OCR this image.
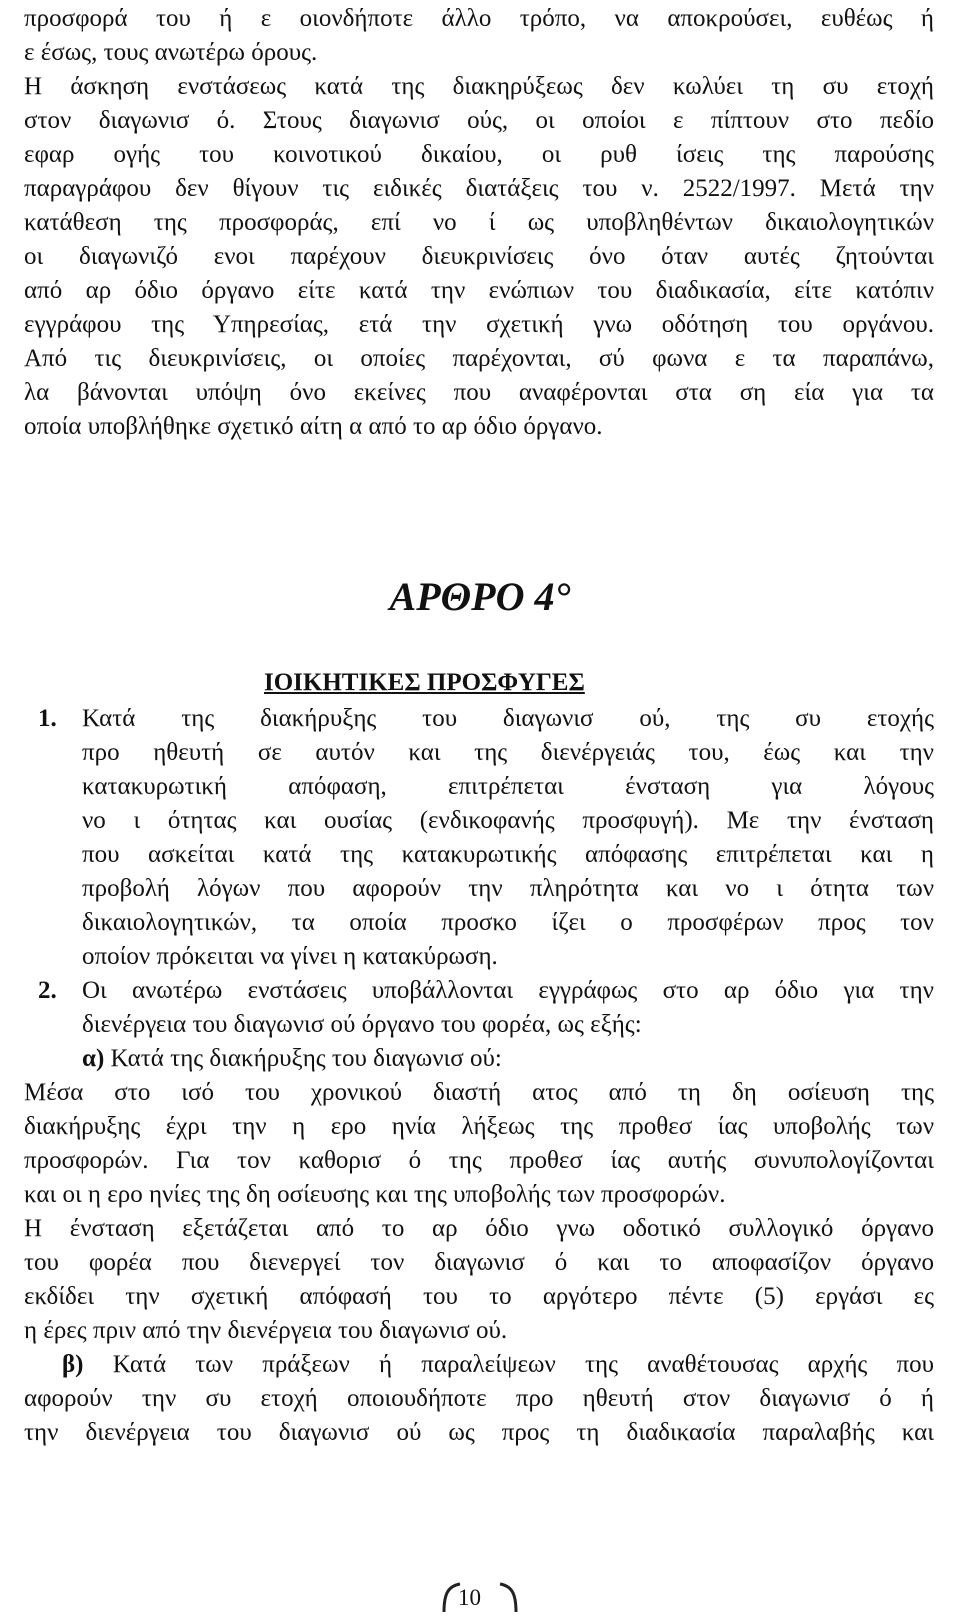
προσφορά του ή ε οιονδήποτε άλλο τρόπο, να αποκρούσει, ευθέως ή
ε έσως, τους ανωτέρω όρους.
Η άσκηση ενστάσεως κατά της διακηρύξεως δεν κωλύει τη συ ετοχή
στον διαγωνισ ό. Στους διαγωνισ ούς, οι οποίοι ε πίπτουν στο πεδίο
εφαρ ογής του κοινοτικού δικαίου, οι ρυθ ίσεις της παρούσης
παραγράφου δεν θίγουν τις ειδικές διατάξεις του ν. 2522/1997. Μετά την
κατάθεση της προσφοράς, επί νο ί ως υποβληθέντων δικαιολογητικών
οι διαγωνιζό ενοι παρέχουν διευκρινίσεις όνο όταν αυτές ζητούνται
από αρ όδιο όργανο είτε κατά την ενώπιων του διαδικασία, είτε κατόπιν
εγγράφου της Υπηρεσίας, ετά την σχετική γνω οδότηση του οργάνου.
Από τις διευκρινίσεις, οι οποίες παρέχονται, σύ φωνα ε τα παραπάνω,
λα βάνονται υπόψη όνο εκείνες που αναφέρονται στα ση εία για τα
οποία υποβλήθηκε σχετικό αίτη α από το αρ όδιο όργανο.
ΑΡΘΡΟ 4°
ΙΟΙΚΗΤΙΚΕΣ ΠΡΟΣΦΥΓΕΣ
1. Κατά της διακήρυξης του διαγωνισ ού, της συ ετοχής
προ ηθευτή σε αυτόν και της διενέργειάς του, έως και την
κατακυρωτική απόφαση, επιτρέπεται ένσταση για λόγους
νο ι ότητας και ουσίας (ενδικοφανής προσφυγή). Με την ένσταση
που ασκείται κατά της κατακυρωτικής απόφασης επιτρέπεται και η
προβολή λόγων που αφορούν την πληρότητα και νο ι ότητα των
δικαιολογητικών, τα οποία προσκο ίζει ο προσφέρων προς τον
οποίον πρόκειται να γίνει η κατακύρωση.
2. Οι ανωτέρω ενστάσεις υποβάλλονται εγγράφως στο αρ όδιο για την
διενέργεια του διαγωνισ ού όργανο του φορέα, ως εξής:
α) Κατά της διακήρυξης του διαγωνισ ού:
Μέσα στο ισό του χρονικού διαστή ατος από τη δη οσίευση της
διακήρυξης έχρι την η ερο ηνία λήξεως της προθεσ ίας υποβολής των
προσφορών. Για τον καθορισ ό της προθεσ ίας αυτής συνυπολογίζονται
και οι η ερο ηνίες της δη οσίευσης και της υποβολής των προσφορών.
Η ένσταση εξετάζεται από το αρ όδιο γνω οδοτικό συλλογικό όργανο
του φορέα που διενεργεί τον διαγωνισ ό και το αποφασίζον όργανο
εκδίδει την σχετική απόφασή του το αργότερο πέντε (5) εργάσι ες
η έρες πριν από την διενέργεια του διαγωνισ ού.
β) Κατά των πράξεων ή παραλείψεων της αναθέτουσας αρχής που
αφορούν την συ ετοχή οποιουδήποτε προ ηθευτή στον διαγωνισ ό ή
την διενέργεια του διαγωνισ ού ως προς τη διαδικασία παραλαβής και
10
